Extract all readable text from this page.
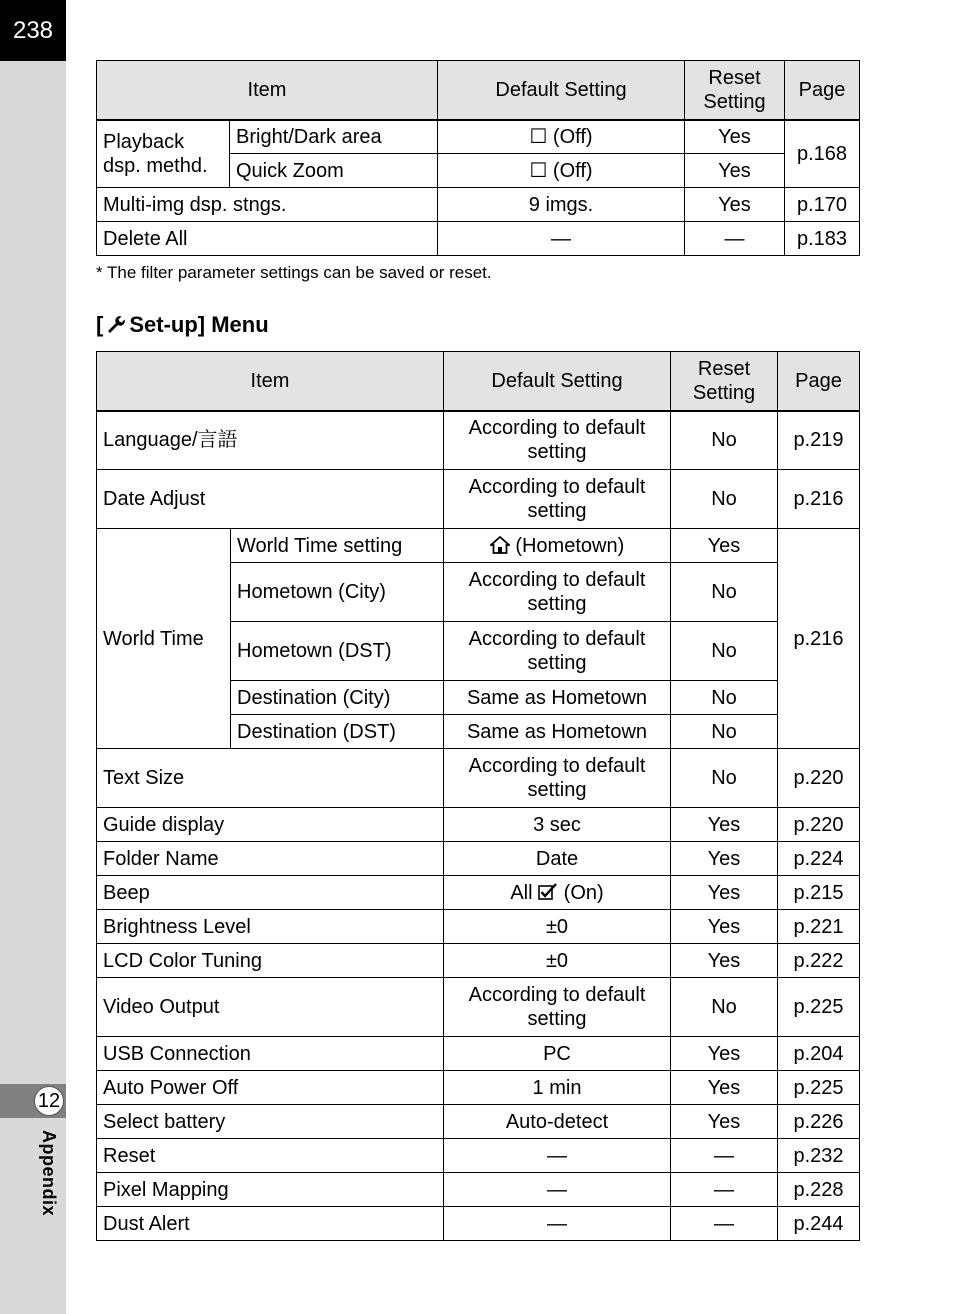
238
12
Appendix
Item		Default Setting	Reset Setting	Page
Playback dsp. methd.	Bright/Dark area	☐ (Off)	Yes	p.168
	Quick Zoom	☐ (Off)	Yes	
Multi-img dsp. stngs.		9 imgs.	Yes	p.170
Delete All		—	—	p.183
* The filter parameter settings can be saved or reset.
[ Set-up] Menu
Item		Default Setting	Reset Setting	Page
Language/言語		According to default setting	No	p.219
Date Adjust		According to default setting	No	p.216
World Time	World Time setting	(Hometown)	Yes	p.216
	Hometown (City)	According to default setting	No	
	Hometown (DST)	According to default setting	No	
	Destination (City)	Same as Hometown	No	
	Destination (DST)	Same as Hometown	No	
Text Size		According to default setting	No	p.220
Guide display		3 sec	Yes	p.220
Folder Name		Date	Yes	p.224
Beep		All (On)	Yes	p.215
Brightness Level		±0	Yes	p.221
LCD Color Tuning		±0	Yes	p.222
Video Output		According to default setting	No	p.225
USB Connection		PC	Yes	p.204
Auto Power Off		1 min	Yes	p.225
Select battery		Auto-detect	Yes	p.226
Reset		—	—	p.232
Pixel Mapping		—	—	p.228
Dust Alert		—	—	p.244
